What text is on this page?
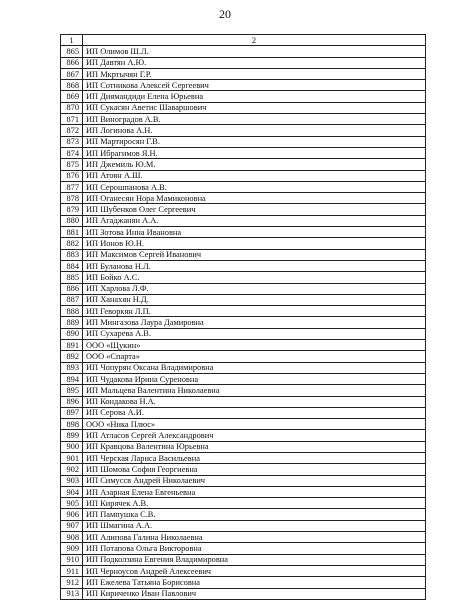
20
1	2
865	ИП Олимов Ш.Л.
866	ИП Давтян А.Ю.
867	ИП Мкртычян Г.Р.
868	ИП Сотникова Алексей Сергеевич
869	ИП Диямандиди Елена Юрьевна
870	ИП Сукасян Аветис Шаваршович
871	ИП Виноградов А.В.
872	ИП Логинова А.Н.
873	ИП Мартиросян Г.В.
874	ИП Ибрагимов Я.Н.
875	ИП Джемиль Ю.М.
876	ИП Атоян А.Ш.
877	ИП Серошпанова А.В.
878	ИП Оганесян Нора Мамиконовна
879	ИП Шубенков Олег Сергеевич
880	ИП Агаджанян А.А.
881	ИП Зотова Инна Ивановна
882	ИП Ионов Ю.Н.
883	ИП Максимов Сергей Иванович
884	ИП Буланова Н.Л.
885	ИП Бойко А.С.
886	ИП Харлова Л.Ф.
887	ИП Ханахян Н.Д.
888	ИП Геворкян Л.П.
889	ИП Мингазова Лаура Дамировна
890	ИП Сухарева А.В.
891	ООО «Щукин»
892	ООО «Спарта»
893	ИП Чопурян Оксана Владимировна
894	ИП Чудакова Ирина Суреновна
895	ИП Мальцева Валентина Николаевна
896	ИП Кондакова Н.А.
897	ИП Серова А.И.
898	ООО «Ника Плюс»
899	ИП Атласов Сергей Александрович
900	ИП Кравцова Валентина Юрьевна
901	ИП Черская Лариса Васильевна
902	ИП Шомова София Георгиевна
903	ИП Симуссв Андрей Николаевич
904	ИП Азарная Елена Евгеньевна
905	ИП Кирячек А.В.
906	ИП Пампушка С.В.
907	ИП Шмагина А.А.
908	ИП Алипова Галина Николаевна
909	ИП Потапова Ольга Викторовна
910	ИП Подколзина Евгения Владимировна
911	ИП Черноусов Андрей Алексеевич
912	ИП Ежелева Татьяна Борисовна
913	ИП Кириченко Иван Павлович
